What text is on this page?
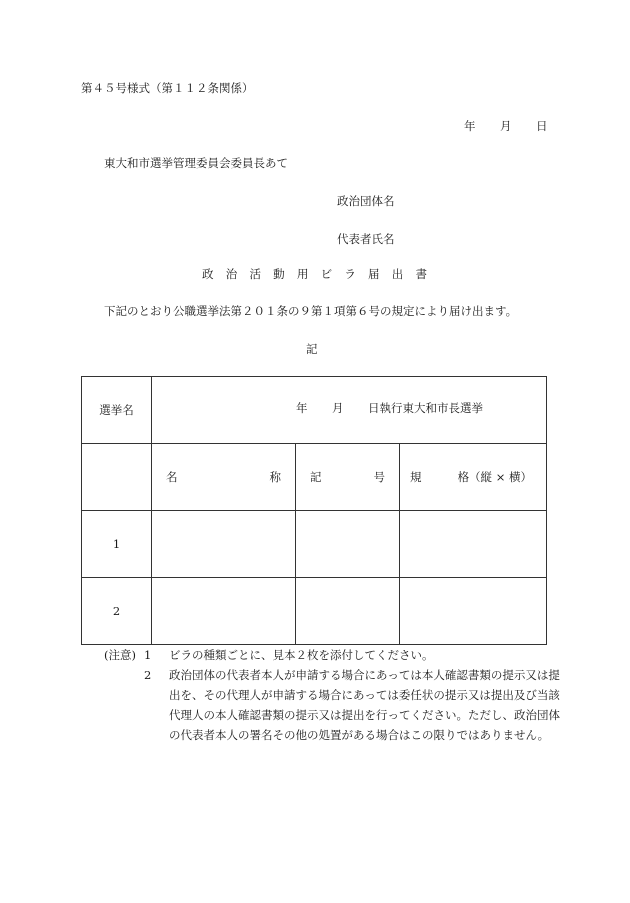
第４５号様式（第１１２条関係）
年 月 日
東大和市選挙管理委員会委員長あて
政治団体名
代表者氏名
政 治 活 動 用 ビ ラ 届 出 書
下記のとおり公職選挙法第２０１条の９第１項第６号の規定により届け出ます。
記
選挙名	年 月 日執行東大和市長選挙		

	名 称	記 号	規 格（縦 × 横）

1			
2			
(注意) 1	ビラの種類ごとに、見本２枚を添付してください。
2	政治団体の代表者本人が申請する場合にあっては本人確認書類の提示又は提出を、その代理人が申請する場合にあっては委任状の提示又は提出及び当該代理人の本人確認書類の提示又は提出を行ってください。ただし、政治団体の代表者本人の署名その他の処置がある場合はこの限りではありません。
